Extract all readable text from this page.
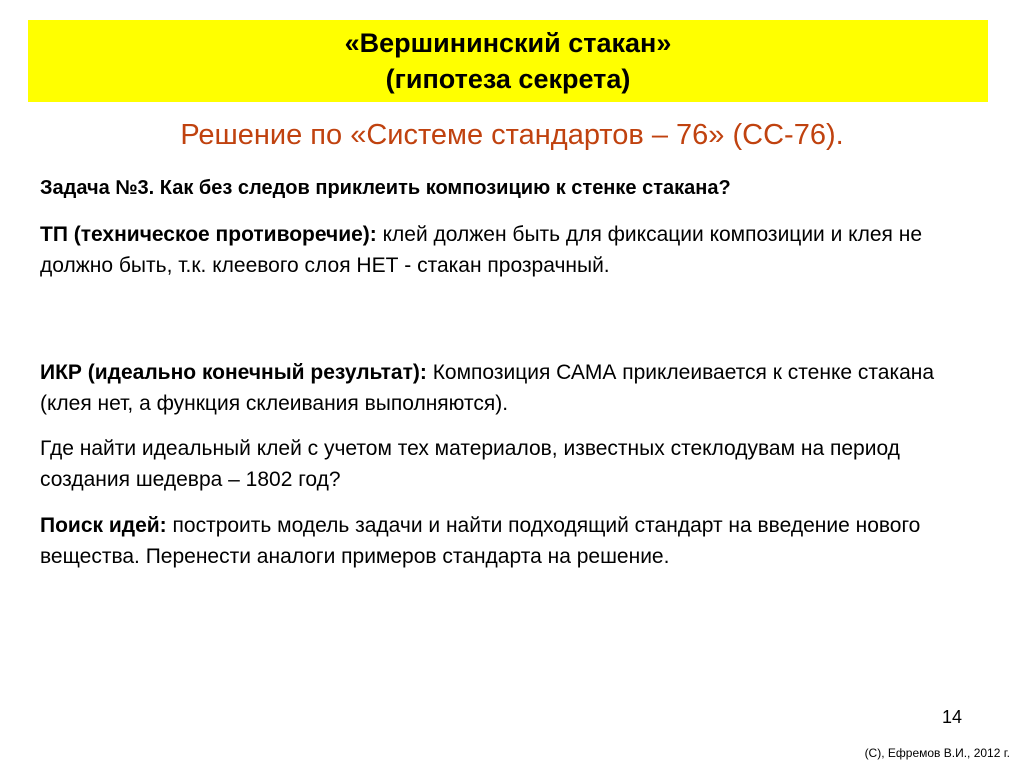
«Вершининский стакан»
(гипотеза секрета)
Решение по «Системе стандартов – 76» (СС-76).
Задача №3. Как без следов приклеить композицию к стенке стакана?
ТП (техническое противоречие): клей должен быть для фиксации композиции и клея не должно быть, т.к. клеевого слоя НЕТ - стакан прозрачный.
ИКР (идеально конечный результат): Композиция САМА приклеивается к стенке стакана (клея нет, а функция склеивания выполняются).
Где найти идеальный клей с учетом тех материалов, известных стеклодувам на период создания шедевра – 1802 год?
Поиск идей: построить модель задачи и найти подходящий стандарт на введение нового вещества. Перенести аналоги примеров стандарта на решение.
14
(С), Ефремов В.И., 2012 г.
